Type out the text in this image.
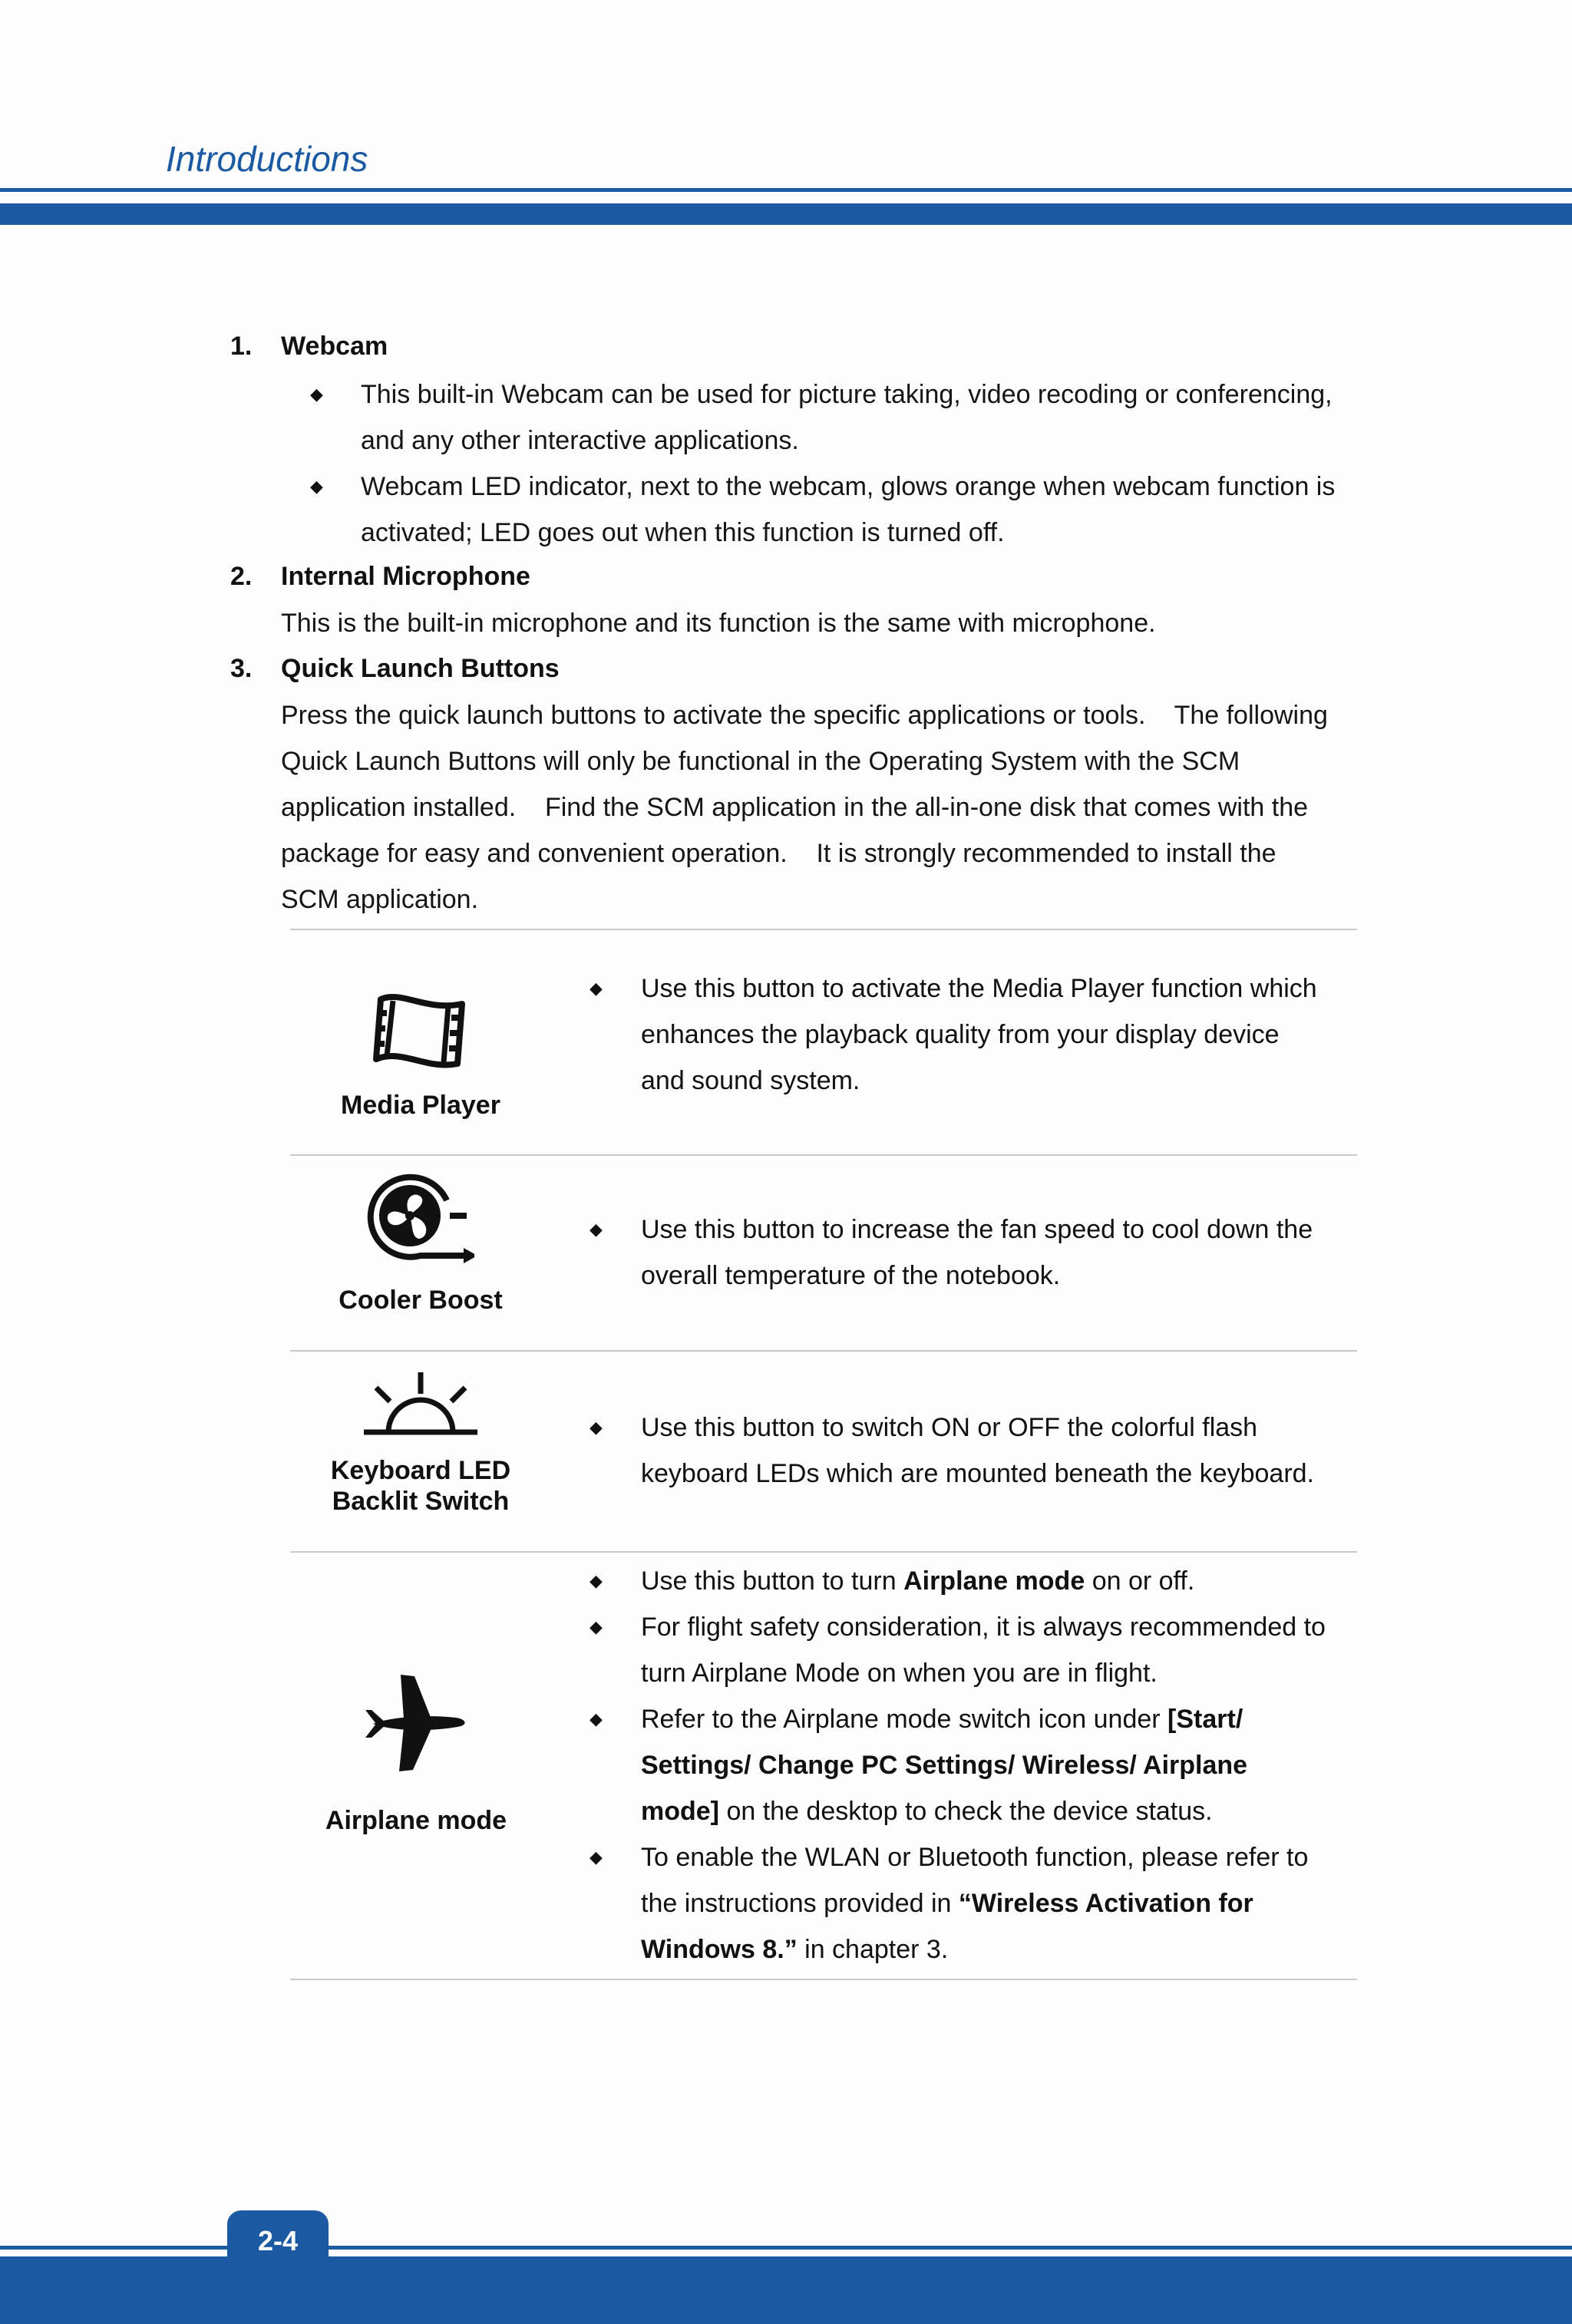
Introductions
1.	Webcam
◆ This built-in Webcam can be used for picture taking, video recoding or conferencing,
and any other interactive applications.
◆ Webcam LED indicator, next to the webcam, glows orange when webcam function is
activated; LED goes out when this function is turned off.
2.	Internal Microphone
This is the built-in microphone and its function is the same with microphone.
3.	Quick Launch Buttons
Press the quick launch buttons to activate the specific applications or tools.    The following
Quick Launch Buttons will only be functional in the Operating System with the SCM
application installed.    Find the SCM application in the all-in-one disk that comes with the
package for easy and convenient operation.    It is strongly recommended to install the
SCM application.
Media Player
◆ Use this button to activate the Media Player function which
enhances the playback quality from your display device
and sound system.
Cooler Boost
◆ Use this button to increase the fan speed to cool down the
overall temperature of the notebook.
Keyboard LED
Backlit Switch
◆ Use this button to switch ON or OFF the colorful flash
keyboard LEDs which are mounted beneath the keyboard.
Airplane mode
◆ Use this button to turn Airplane mode on or off.
◆ For flight safety consideration, it is always recommended to
turn Airplane Mode on when you are in flight.
◆ Refer to the Airplane mode switch icon under [Start/
Settings/ Change PC Settings/ Wireless/ Airplane
mode] on the desktop to check the device status.
◆ To enable the WLAN or Bluetooth function, please refer to
the instructions provided in “Wireless Activation for
Windows 8.” in chapter 3.
2-4
